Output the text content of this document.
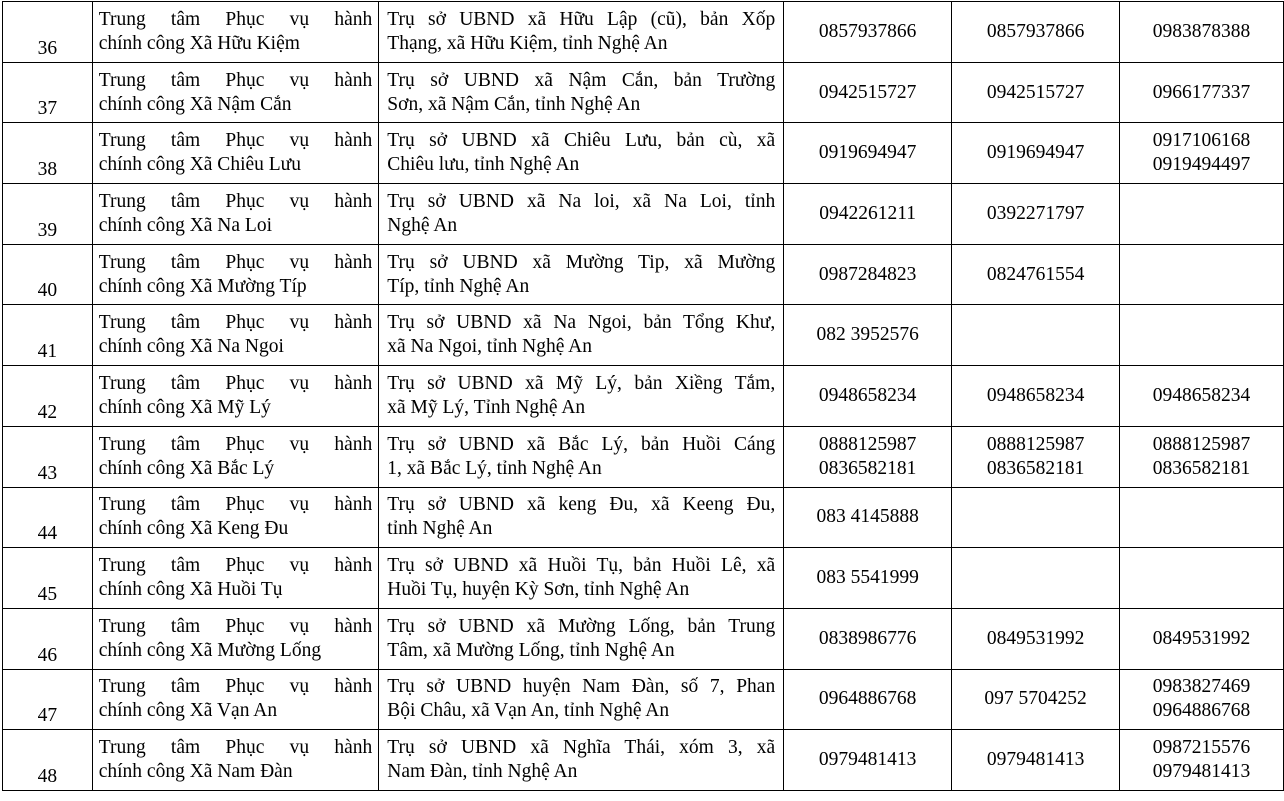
36	Trung tâm Phục vụ hành
chính công Xã Hữu Kiệm	Trụ sở UBND xã Hữu Lập (cũ), bản Xốp
Thạng, xã Hữu Kiệm, tỉnh Nghệ An	0857937866	0857937866	0983878388

37	Trung tâm Phục vụ hành
chính công Xã Nậm Cắn	Trụ sở UBND xã Nậm Cắn, bản Trường
Sơn, xã Nậm Cắn, tỉnh Nghệ An	0942515727	0942515727	0966177337

38	Trung tâm Phục vụ hành
chính công Xã Chiêu Lưu	Trụ sở UBND xã Chiêu Lưu, bản cù, xã
Chiêu lưu, tỉnh Nghệ An	0919694947	0919694947	0917106168
0919494497

39	Trung tâm Phục vụ hành
chính công Xã Na Loi	Trụ sở UBND xã Na loi, xã Na Loi, tỉnh
Nghệ An	0942261211	0392271797	

40	Trung tâm Phục vụ hành
chính công Xã Mường Típ	Trụ sở UBND xã Mường Tip, xã Mường
Típ, tỉnh Nghệ An	0987284823	0824761554	

41	Trung tâm Phục vụ hành
chính công Xã Na Ngoi	Trụ sở UBND xã Na Ngoi, bản Tổng Khư,
xã Na Ngoi, tỉnh Nghệ An	082 3952576		

42	Trung tâm Phục vụ hành
chính công Xã Mỹ Lý	Trụ sở UBND xã Mỹ Lý, bản Xiềng Tắm,
xã Mỹ Lý, Tỉnh Nghệ An	0948658234	0948658234	0948658234

43	Trung tâm Phục vụ hành
chính công Xã Bắc Lý	Trụ sở UBND xã Bắc Lý, bản Huồi Cáng
1, xã Bắc Lý, tỉnh Nghệ An	0888125987
0836582181	0888125987
0836582181	0888125987
0836582181

44	Trung tâm Phục vụ hành
chính công Xã Keng Đu	Trụ sở UBND xã keng Đu, xã Keeng Đu,
tỉnh Nghệ An	083 4145888		

45	Trung tâm Phục vụ hành
chính công Xã Huồi Tụ	Trụ sở UBND xã Huồi Tụ, bản Huồi Lê, xã
Huồi Tụ, huyện Kỳ Sơn, tỉnh Nghệ An	083 5541999		

46	Trung tâm Phục vụ hành
chính công Xã Mường Lống	Trụ sở UBND xã Mường Lống, bản Trung
Tâm, xã Mường Lống, tỉnh Nghệ An	0838986776	0849531992	0849531992

47	Trung tâm Phục vụ hành
chính công Xã Vạn An	Trụ sở UBND huyện Nam Đàn, số 7, Phan
Bội Châu, xã Vạn An, tỉnh Nghệ An	0964886768	097 5704252	0983827469
0964886768

48	Trung tâm Phục vụ hành
chính công Xã Nam Đàn	Trụ sở UBND xã Nghĩa Thái, xóm 3, xã
Nam Đàn, tỉnh Nghệ An	0979481413	0979481413	0987215576
0979481413
